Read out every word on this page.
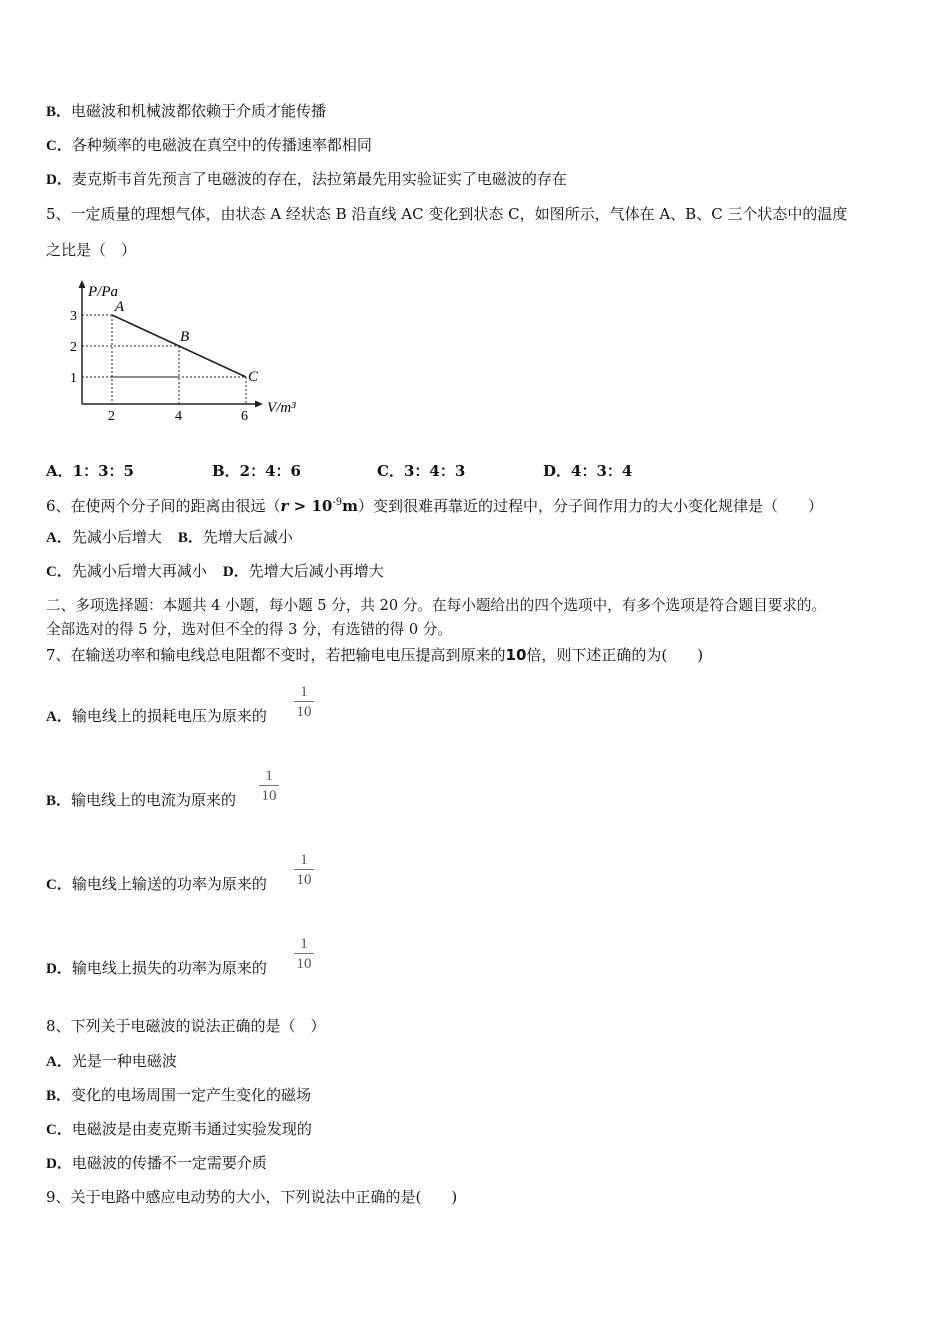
B．电磁波和机械波都依赖于介质才能传播
C．各种频率的电磁波在真空中的传播速率都相同
D．麦克斯韦首先预言了电磁波的存在，法拉第最先用实验证实了电磁波的存在
5、一定质量的理想气体，由状态 A 经状态 B 沿直线 AC 变化到状态 C，如图所示，气体在 A、B、C 三个状态中的温度
之比是（　）
P/Pa
V/m³
3
2
1
2	4	6
A
B
C
A．1：3：5	B．2：4：6	C．3：4：3	D．4：3：4
6、在使两个分子间的距离由很远$(r > 10^{-9}m)$变到很难再靠近的过程中，分子间作用力的大小变化规律是（　　）
A．先减小后增大 B．先增大后减小
C．先减小后增大再减小 D．先增大后减小再增大
二、多项选择题：本题共 4 小题，每小题 5 分，共 20 分。在每小题给出的四个选项中，有多个选项是符合题目要求的。
全部选对的得 5 分，选对但不全的得 3 分，有选错的得 0 分。
7、在输送功率和输电线总电阻都不变时，若把输电电压提高到原来的10倍，则下述正确的为(　　)
A．输电线上的损耗电压为原来的
1
10
B．输电线上的电流为原来的
1
10
C．输电线上输送的功率为原来的
1
10
D．输电线上损失的功率为原来的
1
10
8、下列关于电磁波的说法正确的是（　）
A．光是一种电磁波
B．变化的电场周围一定产生变化的磁场
C．电磁波是由麦克斯韦通过实验发现的
D．电磁波的传播不一定需要介质
9、关于电路中感应电动势的大小，下列说法中正确的是(　　)
